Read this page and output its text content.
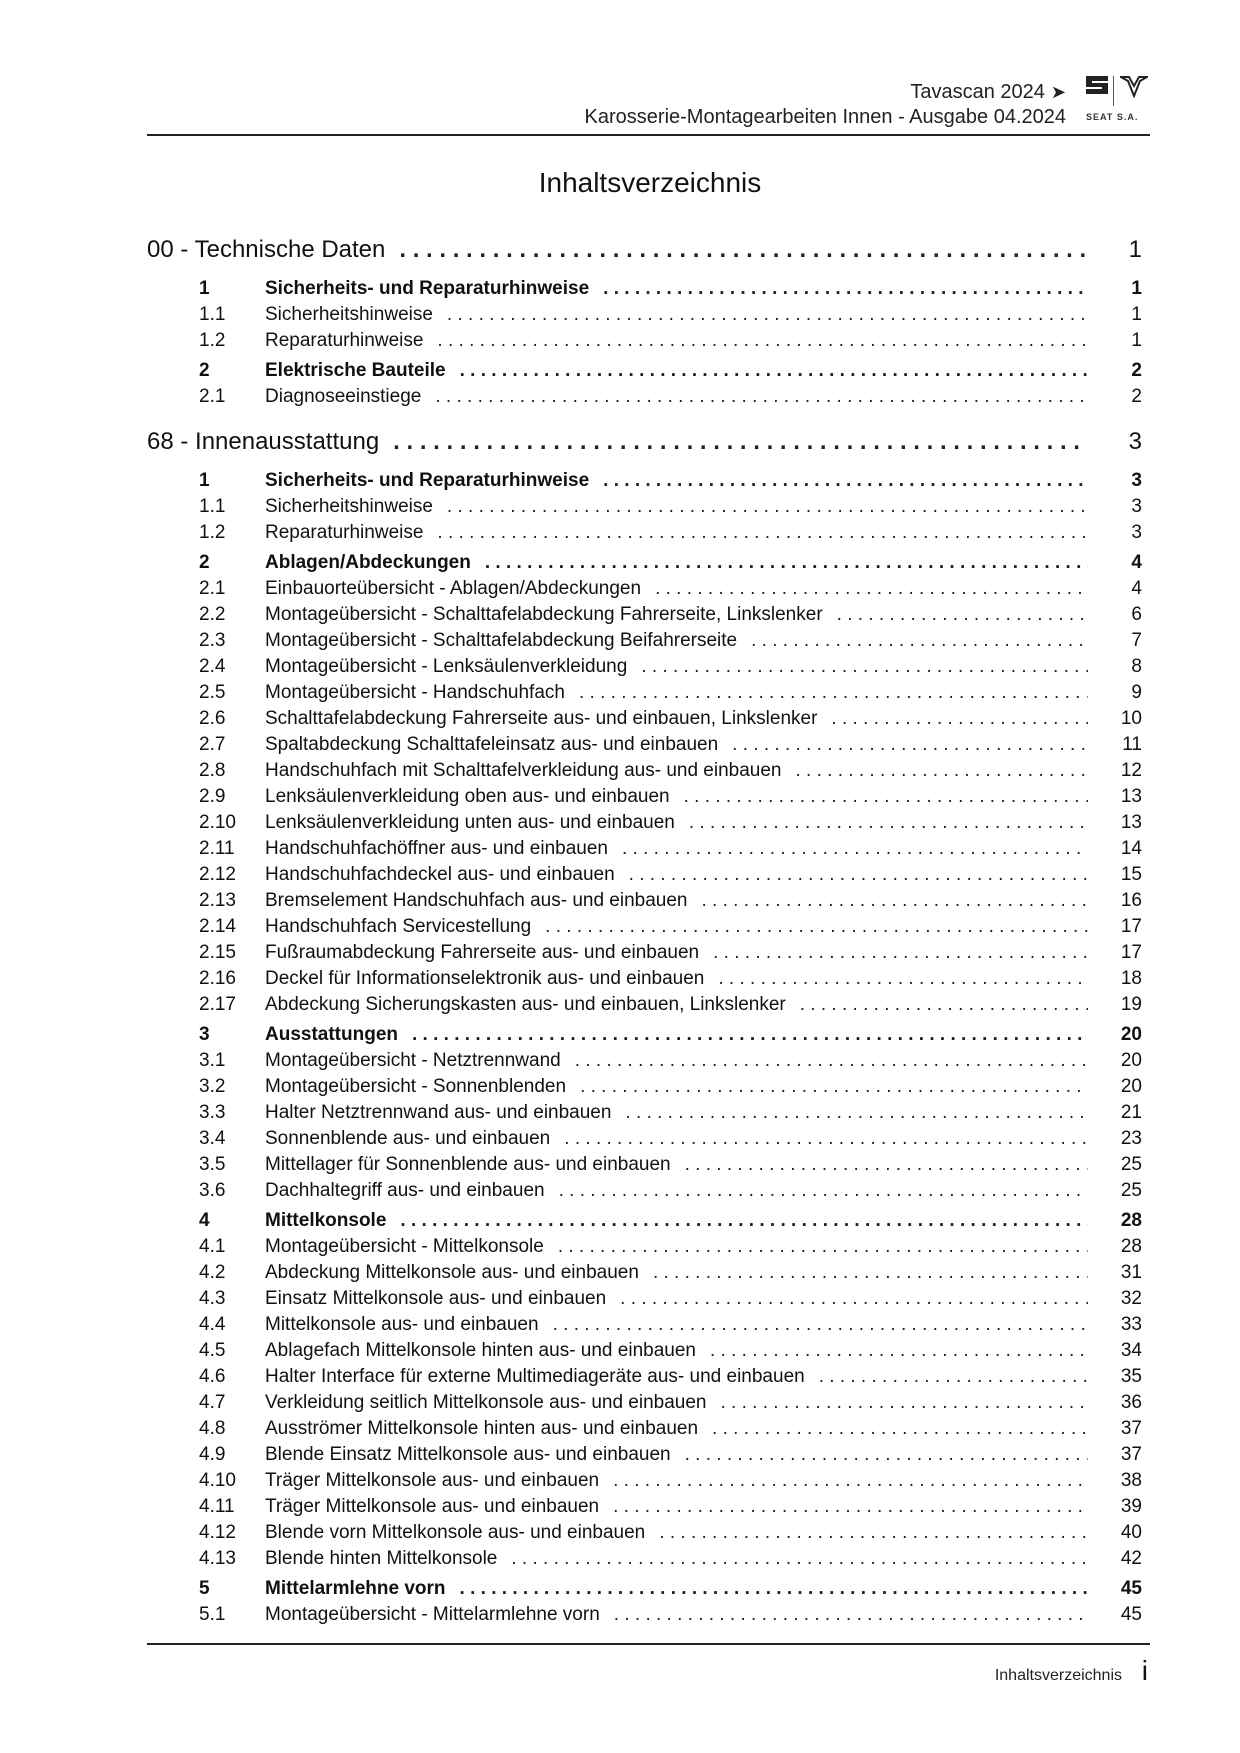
Tavascan 2024 ➤
Karosserie-Montagearbeiten Innen - Ausgabe 04.2024 SEAT S.A.
Inhaltsverzeichnis
00 - Technische Daten . . .	1
1	Sicherheits- und Reparaturhinweise . . .	1
1.1	Sicherheitshinweise . . .	1
1.2	Reparaturhinweise . . .	1
2	Elektrische Bauteile . . .	2
2.1	Diagnoseeinstiege . . .	2
68 - Innenausstattung . . .	3
1	Sicherheits- und Reparaturhinweise . . .	3
1.1	Sicherheitshinweise . . .	3
1.2	Reparaturhinweise . . .	3
2	Ablagen/Abdeckungen . . .	4
2.1	Einbauorteübersicht - Ablagen/Abdeckungen . . .	4
2.2	Montageübersicht - Schalttafelabdeckung Fahrerseite, Linkslenker . . .	6
2.3	Montageübersicht - Schalttafelabdeckung Beifahrerseite . . .	7
2.4	Montageübersicht - Lenksäulenverkleidung . . .	8
2.5	Montageübersicht - Handschuhfach . . .	9
2.6	Schalttafelabdeckung Fahrerseite aus- und einbauen, Linkslenker . . .	10
2.7	Spaltabdeckung Schalttafeleinsatz aus- und einbauen . . .	11
2.8	Handschuhfach mit Schalttafelverkleidung aus- und einbauen . . .	12
2.9	Lenksäulenverkleidung oben aus- und einbauen . . .	13
2.10	Lenksäulenverkleidung unten aus- und einbauen . . .	13
2.11	Handschuhfachöffner aus- und einbauen . . .	14
2.12	Handschuhfachdeckel aus- und einbauen . . .	15
2.13	Bremselement Handschuhfach aus- und einbauen . . .	16
2.14	Handschuhfach Servicestellung . . .	17
2.15	Fußraumabdeckung Fahrerseite aus- und einbauen . . .	17
2.16	Deckel für Informationselektronik aus- und einbauen . . .	18
2.17	Abdeckung Sicherungskasten aus- und einbauen, Linkslenker . . .	19
3	Ausstattungen . . .	20
3.1	Montageübersicht - Netztrennwand . . .	20
3.2	Montageübersicht - Sonnenblenden . . .	20
3.3	Halter Netztrennwand aus- und einbauen . . .	21
3.4	Sonnenblende aus- und einbauen . . .	23
3.5	Mittellager für Sonnenblende aus- und einbauen . . .	25
3.6	Dachhaltegriff aus- und einbauen . . .	25
4	Mittelkonsole . . .	28
4.1	Montageübersicht - Mittelkonsole . . .	28
4.2	Abdeckung Mittelkonsole aus- und einbauen . . .	31
4.3	Einsatz Mittelkonsole aus- und einbauen . . .	32
4.4	Mittelkonsole aus- und einbauen . . .	33
4.5	Ablagefach Mittelkonsole hinten aus- und einbauen . . .	34
4.6	Halter Interface für externe Multimediageräte aus- und einbauen . . .	35
4.7	Verkleidung seitlich Mittelkonsole aus- und einbauen . . .	36
4.8	Ausströmer Mittelkonsole hinten aus- und einbauen . . .	37
4.9	Blende Einsatz Mittelkonsole aus- und einbauen . . .	37
4.10	Träger Mittelkonsole aus- und einbauen . . .	38
4.11	Träger Mittelkonsole aus- und einbauen . . .	39
4.12	Blende vorn Mittelkonsole aus- und einbauen . . .	40
4.13	Blende hinten Mittelkonsole . . .	42
5	Mittelarmlehne vorn . . .	45
5.1	Montageübersicht - Mittelarmlehne vorn . . .	45
Inhaltsverzeichnis i
